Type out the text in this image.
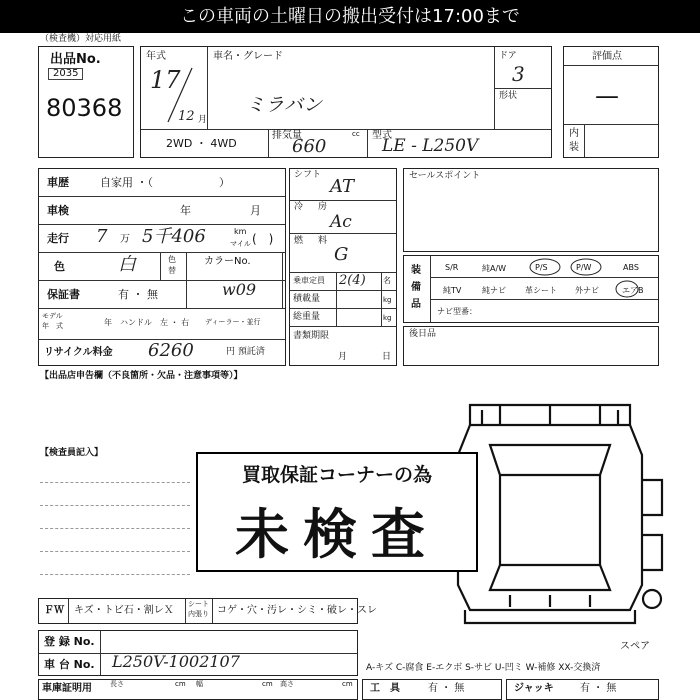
この車両の土曜日の搬出受付は17:00まで
（検査機）対応用紙
出品No.
2035
80368
年式
17
12 月
車名・グレード
ミラバン
ドア
3
形状
2WD ・ 4WD
排気量
660
cc 型式
LE - L250V
評価点
—
内
装
車歴	自家用 ・（　　　　　　）
車検	年	月
走行 7 万 5千406	km
マイル (　)
色	白	色
替
カラーNo.
w09
保証書	有 ・ 無
モデル
年　式	年 ハンドル　左 ・ 右 ディーラー・並行
リサイクル料金 6260	円 預託済
シフト
AT
冷 房
Ac
燃 料
G
乗車定員 2(4) 名
積載量	kg
総重量	kg
書類期限
月	日
セールスポイント
装
備
品
S/R	純A/W	P/S	P/W	ABS
純TV	純ナビ 革シート 外ナビ	エアB
ナビ型番：
後日品
【出品店申告欄（不良箇所・欠品・注意事項等）】
【検査員記入】
スペア
買取保証コーナーの為
未検査
ＦＷ キズ・トビ石・割レＸ
シート
内張り コゲ・穴・汚レ・シミ・破レ・スレ
登 録 No.
車 台 No. L250V-1002107	A-キズ C-腐食 E-エクボ S-サビ U-凹ミ W-補修 XX-交換済
車庫証明用	長さ	cm 幅	cm 高さ	cm 工　具	有 ・ 無	ジャッキ	有 ・ 無
